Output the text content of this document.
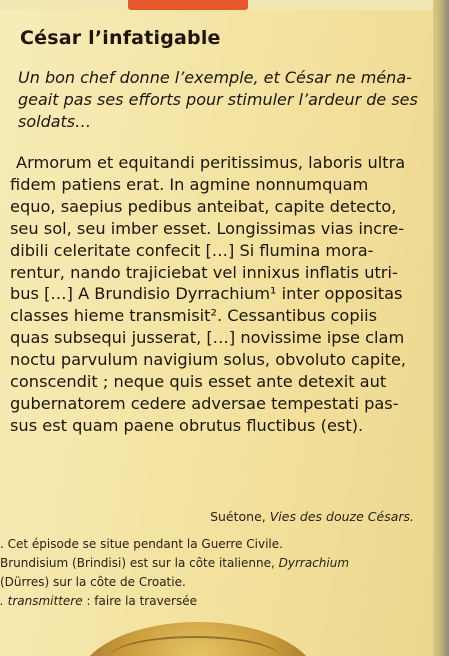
César l’infatigable

Un bon chef donne l’exemple, et César ne ména-
geait pas ses efforts pour stimuler l’ardeur de ses
soldats…

Armorum et equitandi peritissimus, laboris ultra
fidem patiens erat. In agmine nonnumquam
equo, saepius pedibus anteibat, capite detecto,
seu sol, seu imber esset. Longissimas vias incre-
dibili celeritate confecit […] Si flumina mora-
rentur, nando trajiciebat vel innixus inflatis utri-
bus […] A Brundisio Dyrrachium¹ inter oppositas
classes hieme transmisit². Cessantibus copiis
quas subsequi jusserat, […] novissime ipse clam
noctu parvulum navigium solus, obvoluto capite,
conscendit ; neque quis esset ante detexit aut
gubernatorem cedere adversae tempestati pas-
sus est quam paene obrutus fluctibus (est).

Suétone, Vies des douze Césars.
. Cet épisode se situe pendant la Guerre Civile.
Brundisium (Brindisi) est sur la côte italienne, Dyrrachium
(Dürres) sur la côte de Croatie.
. transmittere : faire la traversée
